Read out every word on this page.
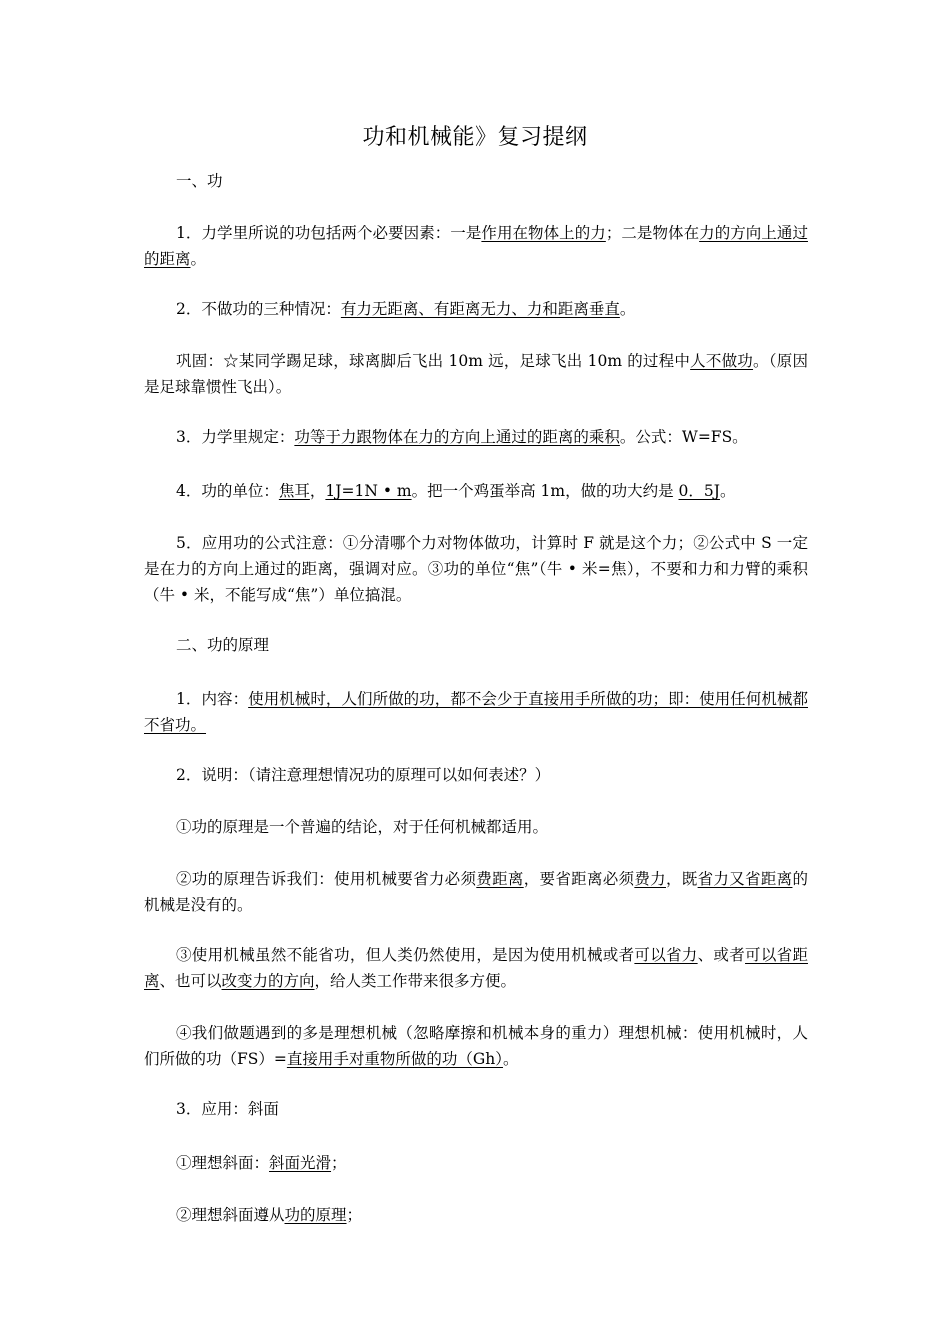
功和机械能》复习提纲

一、功

1．力学里所说的功包括两个必要因素：一是作用在物体上的力；二是物体在力的方向上通过的距离。

2．不做功的三种情况：有力无距离、有距离无力、力和距离垂直。

巩固：☆某同学踢足球，球离脚后飞出 10m 远，足球飞出 10m 的过程中人不做功。（原因是足球靠惯性飞出）。

3．力学里规定：功等于力跟物体在力的方向上通过的距离的乘积。公式：W=FS。

4．功的单位：焦耳，1J=1N • m。把一个鸡蛋举高 1m，做的功大约是 0．5J。

5．应用功的公式注意：①分清哪个力对物体做功，计算时 F 就是这个力；②公式中 S 一定是在力的方向上通过的距离，强调对应。③功的单位“焦”（牛 • 米=焦），不要和力和力臂的乘积（牛 • 米，不能写成“焦”）单位搞混。

二、功的原理

1．内容：使用机械时，人们所做的功，都不会少于直接用手所做的功；即：使用任何机械都不省功。

2．说明：（请注意理想情况功的原理可以如何表述？）

①功的原理是一个普遍的结论，对于任何机械都适用。

②功的原理告诉我们：使用机械要省力必须费距离，要省距离必须费力，既省力又省距离的机械是没有的。

③使用机械虽然不能省功，但人类仍然使用，是因为使用机械或者可以省力、或者可以省距离、也可以改变力的方向，给人类工作带来很多方便。

④我们做题遇到的多是理想机械（忽略摩擦和机械本身的重力）理想机械：使用机械时，人们所做的功（FS）=直接用手对重物所做的功（Gh）。

3．应用：斜面

①理想斜面：斜面光滑；

②理想斜面遵从功的原理；
